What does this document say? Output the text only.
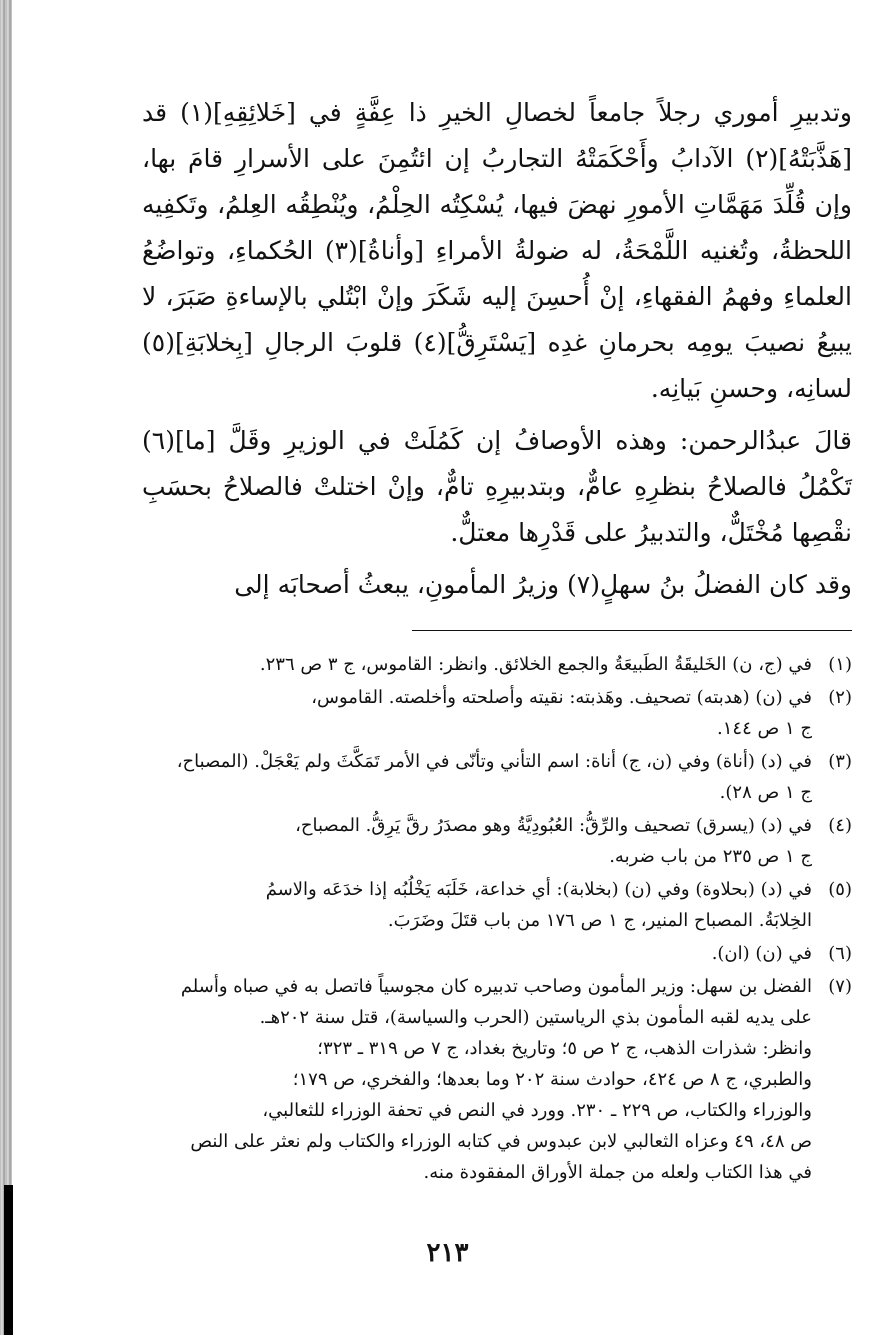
وتدبيرِ أموري رجلاً جامعاً لخصالِ الخيرِ ذا عِفَّةٍ في [خَلائِقِهِ](١) قد [هَذَّبَتْهُ](٢) الآدابُ وأَحْكَمَتْهُ التجاربُ إن ائتُمِنَ على الأسرارِ قامَ بها، وإن قُلِّدَ مَهَمَّاتِ الأمورِ نهضَ فيها، يُسْكِتُه الحِلْمُ، ويُنْطِقُه العِلمُ، وتَكفِيه اللحظةُ، وتُغنيه اللَّمْحَةُ، له ضولةُ الأمراءِ [وأناةُ](٣) الحُكماءِ، وتواضُعُ العلماءِ وفهمُ الفقهاءِ، إنْ أُحسِنَ إليه شَكَرَ وإنْ ابْتُلي بالإساءةِ صَبَرَ، لا يبيعُ نصيبَ يومِه بحرمانِ غدِه [يَسْتَرِقُّ](٤) قلوبَ الرجالِ [بِخلابَةِ](٥) لسانِه، وحسنِ بَيانِه.

قالَ عبدُالرحمن: وهذه الأوصافُ إن كَمُلَتْ في الوزيرِ وقَلَّ [ما](٦) تَكْمُلُ فالصلاحُ بنظرِهِ عامٌّ، وبتدبيرِهِ تامٌّ، وإنْ اختلتْ فالصلاحُ بحسَبِ نقْصِها مُخْتَلٌّ، والتدبيرُ على قَدْرِها معتلٌّ.

وقد كان الفضلُ بنُ سهلٍ(٧) وزيرُ المأمونِ، يبعثُ أصحابَه إلى

(١)

في (ج، ن) الخَليقَةُ الطَبيعَةُ والجمع الخلائق. وانظر: القاموس، ج ٣ ص ٢٣٦.

(٢)

في (ن) (هدبته) تصحيف. وهَذبته: نقيته وأصلحته وأخلصته. القاموس،

ج ١ ص ١٤٤.

(٣)

في (د) (أناة) وفي (ن، ج) أناة: اسم التأني وتأنّى في الأمر تَمَكَّثَ ولم يَعْجَلْ. (المصباح،

ج ١ ص ٢٨).

(٤)

في (د) (يسرق) تصحيف والرِّقُّ: العُبُودِيَّةُ وهو مصدَرُ رقَّ يَرِقُّ. المصباح،

ج ١ ص ٢٣٥ من باب ضربه.

(٥)

في (د) (بحلاوة) وفي (ن) (بخلابة): أي خداعة، خَلَبَه يَخْلُبُه إذا خدَعَه والاسمُ

الخِلابَةُ. المصباح المنير، ج ١ ص ١٧٦ من باب قتَلَ وضَرَبَ.

(٦)

في (ن) (ان).

(٧)

الفضل بن سهل: وزير المأمون وصاحب تدبيره كان مجوسياً فاتصل به في صباه وأسلم

على يديه لقبه المأمون بذي الرياستين (الحرب والسياسة)، قتل سنة ٢٠٢هـ.

وانظر: شذرات الذهب، ج ٢ ص ٥؛ وتاريخ بغداد، ج ٧ ص ٣١٩ ـ ٣٢٣؛

والطبري، ج ٨ ص ٤٢٤، حوادث سنة ٢٠٢ وما بعدها؛ والفخري، ص ١٧٩؛

والوزراء والكتاب، ص ٢٢٩ ـ ٢٣٠. وورد في النص في تحفة الوزراء للثعالبي،

ص ٤٨، ٤٩ وعزاه الثعالبي لابن عبدوس في كتابه الوزراء والكتاب ولم نعثر على النص

في هذا الكتاب ولعله من جملة الأوراق المفقودة منه.

٢١٣
